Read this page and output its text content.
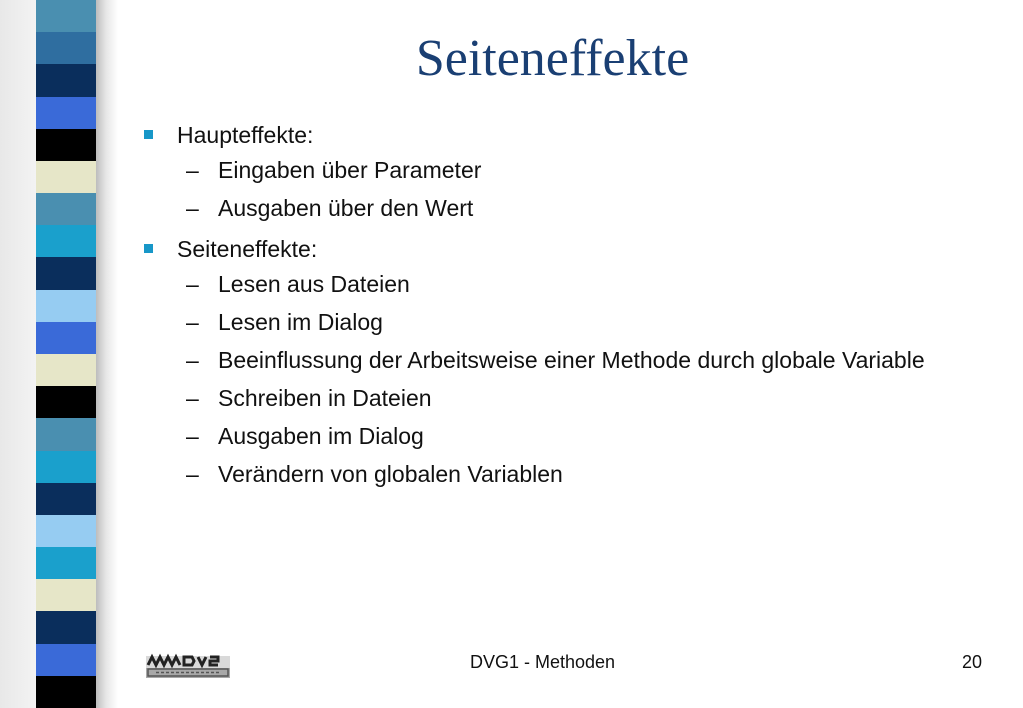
Seiteneffekte
Haupteffekte:
– Eingaben über Parameter
– Ausgaben über den Wert
Seiteneffekte:
– Lesen aus Dateien
– Lesen im Dialog
– Beeinflussung der Arbeitsweise einer Methode durch globale Variable
– Schreiben in Dateien
– Ausgaben im Dialog
– Verändern von globalen Variablen
DVG1 - Methoden	20
